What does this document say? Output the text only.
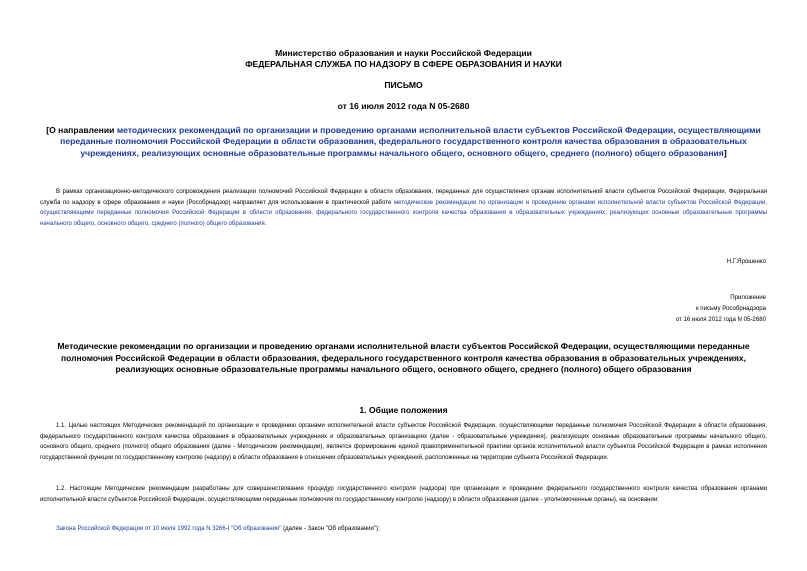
Министерство образования и науки Российской Федерации

ФЕДЕРАЛЬНАЯ СЛУЖБА ПО НАДЗОРУ В СФЕРЕ ОБРАЗОВАНИЯ И НАУКИ

ПИСЬМО

от 16 июля 2012 года N 05-2680

[О направлении методических рекомендаций по организации и проведению органами исполнительной власти субъектов Российской Федерации, осуществляющими переданные полномочия Российской Федерации в области образования, федерального государственного контроля качества образования в образовательных учреждениях, реализующих основные образовательные программы начального общего, основного общего, среднего (полного) общего образования]

В рамках организационно-методического сопровождения реализации полномочий Российской Федерации в области образования, переданных для осуществления органам исполнительной власти субъектов Российской Федерации, Федеральная служба по надзору в сфере образования и науки (Рособрнадзор) направляет для использования в практической работе методические рекомендации по организации и проведению органами исполнительной власти субъектов Российской Федерации, осуществляющими переданные полномочия Российской Федерации в области образования, федерального государственного контроля качества образования в образовательных учреждениях, реализующих основные образовательные программы начального общего, основного общего, среднего (полного) общего образования.

Н.Г.Ярошенко

Приложение
к письму Рособрнадзора
от 16 июля 2012 года N 05-2680

Методические рекомендации по организации и проведению органами исполнительной власти субъектов Российской Федерации, осуществляющими переданные полномочия Российской Федерации в области образования, федерального государственного контроля качества образования в образовательных учреждениях, реализующих основные образовательные программы начального общего, основного общего, среднего (полного) общего образования

1. Общие положения

1.1. Целью настоящих Методических рекомендаций по организации и проведению органами исполнительной власти субъектов Российской Федерации, осуществляющими переданные полномочия Российской Федерации в области образования, федерального государственного контроля качества образования в образовательных учреждениях и образовательных организациях (далее - образовательные учреждения), реализующих основные образовательные программы начального общего, основного общего, среднего (полного) общего образования (далее - Методические рекомендации), является формирование единой правоприменительной практики органов исполнительной власти субъектов Российской Федерации в рамках исполнения государственной функции по государственному контролю (надзору) в области образования в отношении образовательных учреждений, расположенных на территории субъекта Российской Федерации.

1.2. Настоящие Методические рекомендации разработаны для совершенствования процедур государственного контроля (надзора) при организации и проведении федерального государственного контроля качества образования органами исполнительной власти субъектов Российской Федерации, осуществляющими переданные полномочия по государственному контролю (надзору) в области образования (далее - уполномоченные органы), на основании:

Закона Российской Федерации от 10 июля 1992 года N 3266-I "Об образовании" (далее - Закон "Об образовании");
